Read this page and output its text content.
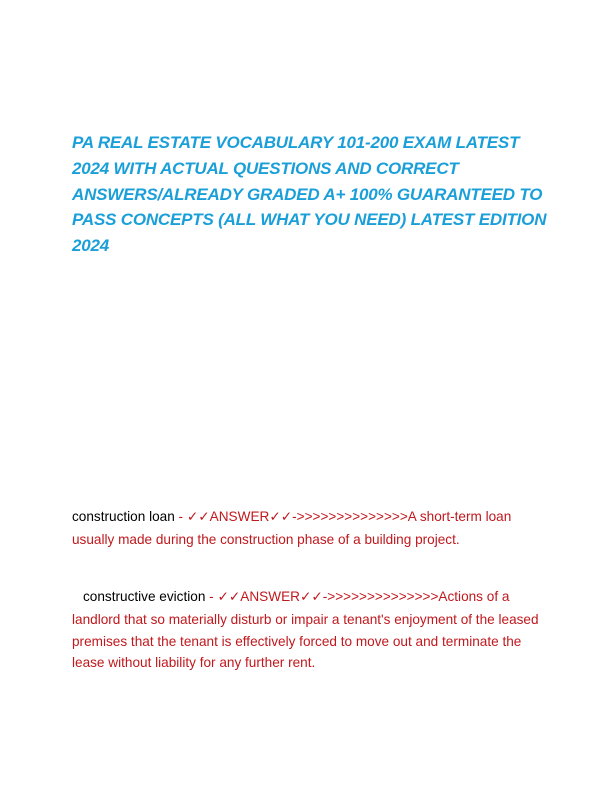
PA REAL ESTATE VOCABULARY 101-200 EXAM LATEST 2024 WITH ACTUAL QUESTIONS AND CORRECT ANSWERS/ALREADY GRADED A+ 100% GUARANTEED TO PASS CONCEPTS (ALL WHAT YOU NEED) LATEST EDITION 2024

construction loan - ✓✓ANSWER✓✓->>>>>>>>>>>>>>A short-term loan usually made during the construction phase of a building project.

constructive eviction - ✓✓ANSWER✓✓->>>>>>>>>>>>>>Actions of a landlord that so materially disturb or impair a tenant's enjoyment of the leased premises that the tenant is effectively forced to move out and terminate the lease without liability for any further rent.
